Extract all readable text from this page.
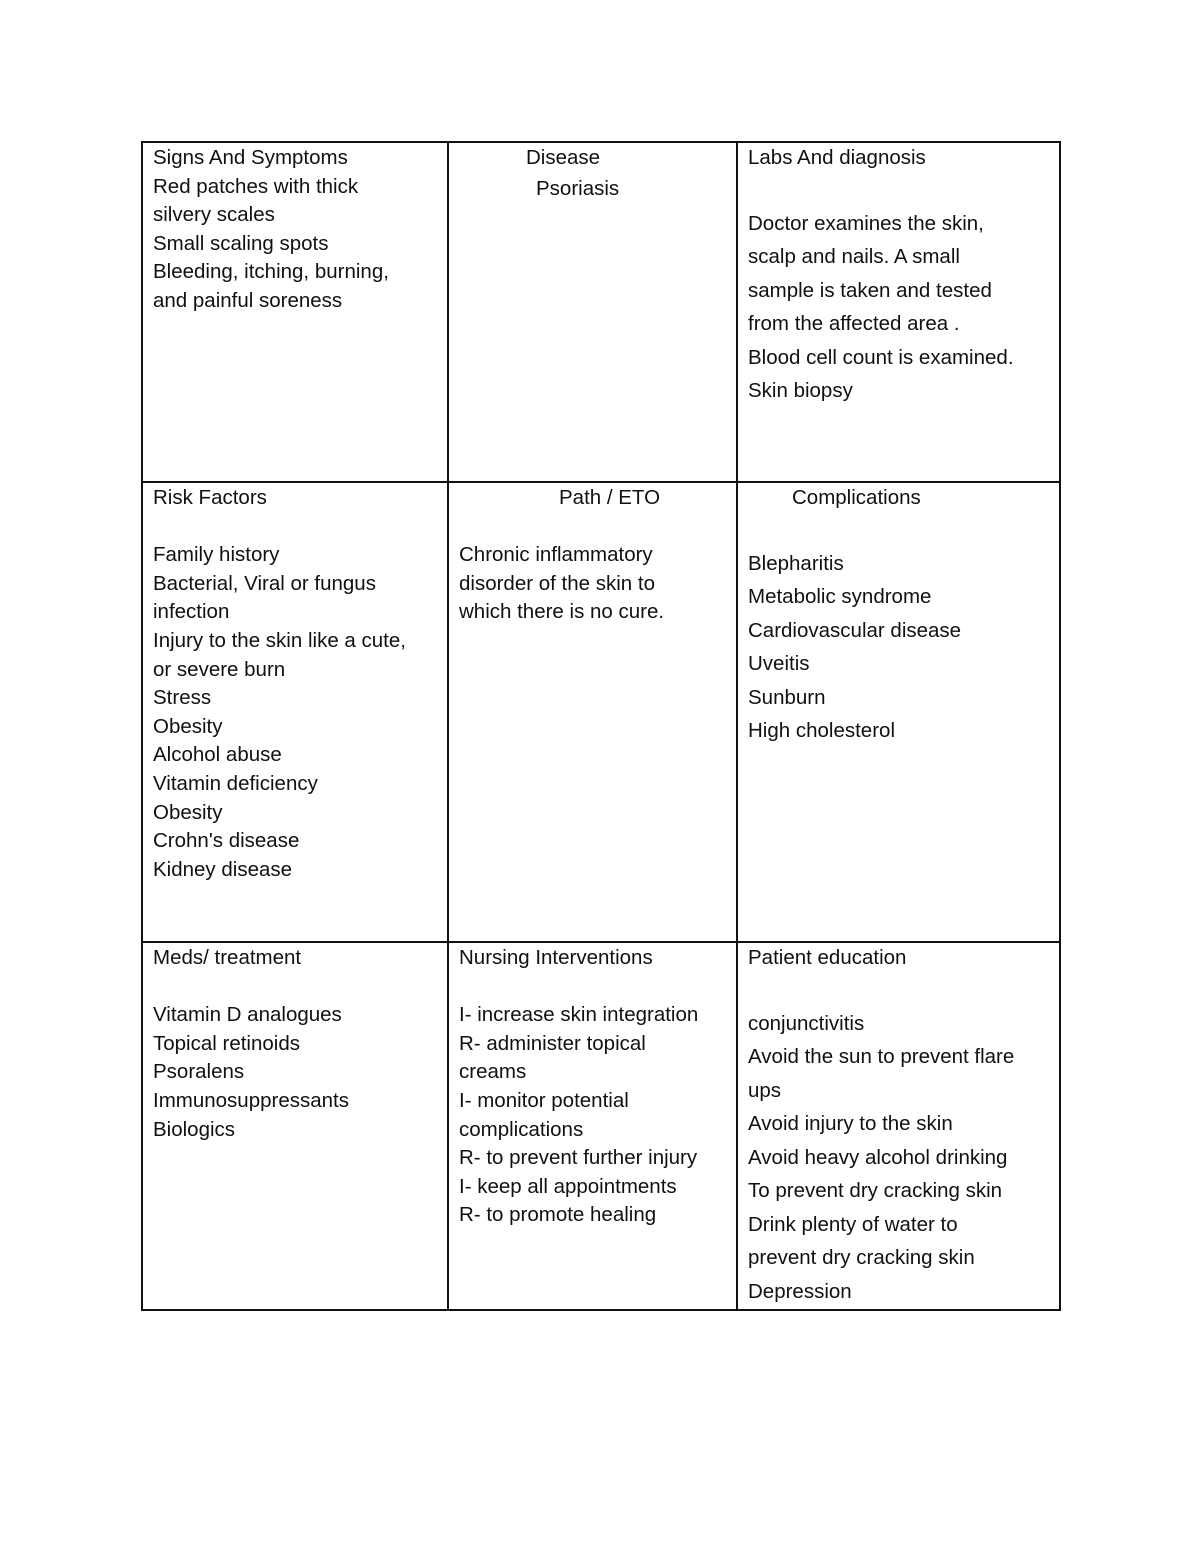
Signs And Symptoms
Red patches with thick
silvery scales
Small scaling spots
Bleeding, itching, burning,
and painful soreness
Disease
Psoriasis
Labs And diagnosis
Doctor examines the skin,
scalp and nails. A small
sample is taken and tested
from the affected area .
Blood cell count is examined.
Skin biopsy
Risk Factors
Family history
Bacterial, Viral or fungus
infection
Injury to the skin like a cute,
or severe burn
Stress
Obesity
Alcohol abuse
Vitamin deficiency
Obesity
Crohn's disease
Kidney disease
Path / ETO
Chronic inflammatory
disorder of the skin to
which there is no cure.
Complications
Blepharitis
Metabolic syndrome
Cardiovascular disease
Uveitis
Sunburn
High cholesterol
Meds/ treatment
Vitamin D analogues
Topical retinoids
Psoralens
Immunosuppressants
Biologics
Nursing Interventions
I- increase skin integration
R- administer topical
creams
I- monitor potential
complications
R- to prevent further injury
I- keep all appointments
R- to promote healing
Patient education
conjunctivitis
Avoid the sun to prevent flare
ups
Avoid injury to the skin
Avoid heavy alcohol drinking
To prevent dry cracking skin
Drink plenty of water to
prevent dry cracking skin
Depression
